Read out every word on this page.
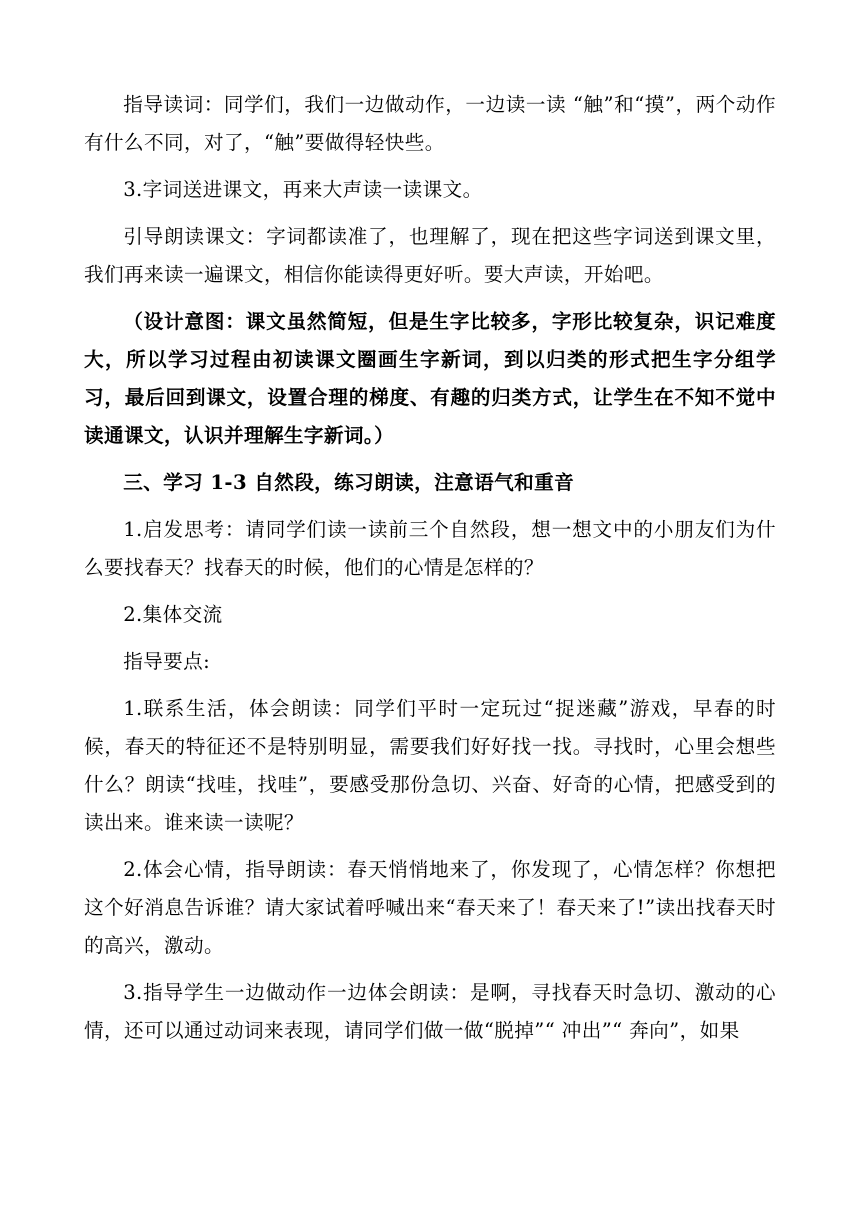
指导读词：同学们，我们一边做动作，一边读一读 “触”和“摸”，两个动作有什么不同，对了，“触”要做得轻快些。

3.字词送进课文，再来大声读一读课文。

引导朗读课文：字词都读准了，也理解了，现在把这些字词送到课文里，我们再来读一遍课文，相信你能读得更好听。要大声读，开始吧。

（设计意图：课文虽然简短，但是生字比较多，字形比较复杂，识记难度大，所以学习过程由初读课文圈画生字新词，到以归类的形式把生字分组学习，最后回到课文，设置合理的梯度、有趣的归类方式，让学生在不知不觉中读通课文，认识并理解生字新词。）

三、学习 1-3 自然段，练习朗读，注意语气和重音

1.启发思考：请同学们读一读前三个自然段，想一想文中的小朋友们为什么要找春天？找春天的时候，他们的心情是怎样的？

2.集体交流

指导要点:

1.联系生活，体会朗读：同学们平时一定玩过“捉迷藏”游戏，早春的时候，春天的特征还不是特别明显，需要我们好好找一找。寻找时，心里会想些什么？朗读“找哇，找哇”，要感受那份急切、兴奋、好奇的心情，把感受到的读出来。谁来读一读呢？

2.体会心情，指导朗读：春天悄悄地来了，你发现了，心情怎样？你想把这个好消息告诉谁？请大家试着呼喊出来“春天来了！春天来了!”读出找春天时的高兴，激动。

3.指导学生一边做动作一边体会朗读：是啊，寻找春天时急切、激动的心情，还可以通过动词来表现，请同学们做一做“脱掉”“ 冲出”“ 奔向”，如果
